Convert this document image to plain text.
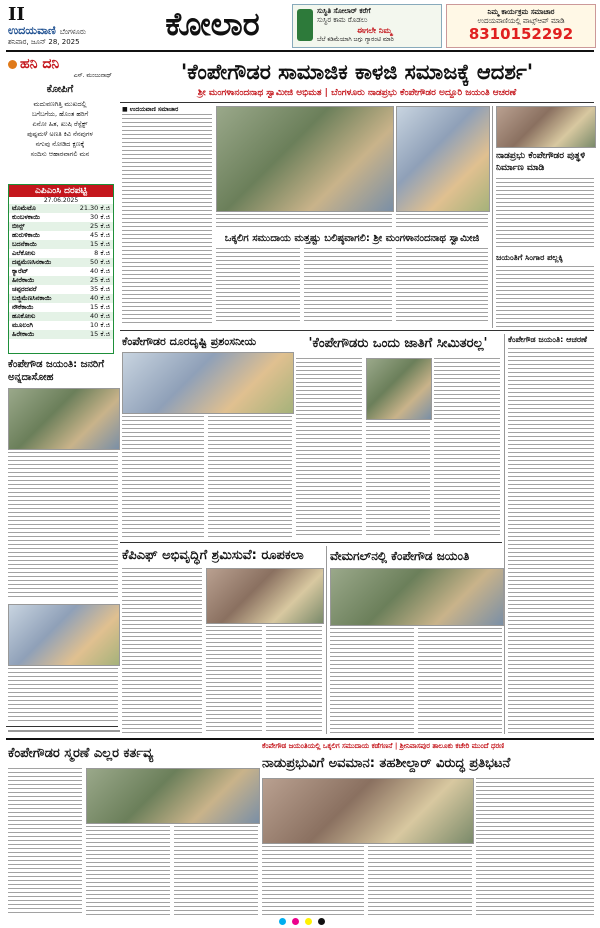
II
ಉದಯವಾಣಿ ಬೆಂಗಳೂರು
ಶನಿವಾರ, ಜೂನ್ 28, 2025	ಕೋಲಾರ	ಸುಸ್ಥಿತಿ ಸೋಲಾರ್‌ ಕರೆಗೆ
ಸುಸ್ಥಿರ ಕಾಮ ರೊಡಲು
ಈಗಲೇ ನಿಮ್ಮ
ಬೆಲೆ ಕಡಿಮೆಯಾಗಿ ಜಗ್ಗು ಗ್ಯಾರಂಟಿ ಮಾರಿ
ನಿಮ್ಮ ಕಾರ್ಯಕ್ರಮ ಸಮಾಚಾರ
ಉದಯವಾಣಿಯಲ್ಲಿ ವಾಟ್ಸ್‌ಆಪ್ ಮಾಡಿ
8310152292
ಹನಿ ದನಿ
ಎಸ್. ಮಂಜುನಾಥ್
ಕೋಪಿಗೆ
ಮದುವಣಗಿತ್ತಿ ಮುಖದಲ್ಲಿ
ಬಗೆಬಗೆಯ, ಹೊಂತ ಹರಿಗೆ
ಏನೋ ಹಿತ, ಖುಷಿ ರೆಸ್ಪೆಕ್ಟ್
ಪುಷ್ಪಮಳೆ ಅಣತಿ ಕಿವಿ ನೆನಪುಗಳ
ನಗುವು ನೋಡಿದ ಕ್ಷಣಕ್ಕೆ
ಸಂದಿಸು ಆಹಾರವಾಗಲಿ ಮನ
ಎಪಿಎಂಸಿ ದರಪಟ್ಟಿ
27.06.2025
ಟೊಮೆಟೊ	21.30 ಕೆ.ಜಿ
ಕುಂಬಳಕಾಯಿ	30 ಕೆ.ಜಿ
ಬೀನ್ಸ್	25 ಕೆ.ಜಿ
ಹುರುಳಿಕಾಯಿ	45 ಕೆ.ಜಿ
ಬದನೆಕಾಯಿ	15 ಕೆ.ಜಿ
ಎಲೆಕೋಸು	8 ಕೆ.ಜಿ
ದಪ್ಪಮೆಣಸಿನಕಾಯಿ	50 ಕೆ.ಜಿ
ಕ್ಯಾರೆಟ್	40 ಕೆ.ಜಿ
ಹೀರೆಕಾಯಿ	25 ಕೆ.ಜಿ
ಚಪ್ಪರದವರೆ	35 ಕೆ.ಜಿ
ಬಜ್ಜಿಮೆಣಸಿನಕಾಯಿ	40 ಕೆ.ಜಿ
ನೌಕೆಕಾಯಿ	15 ಕೆ.ಜಿ
ಹೂಕೋಸು	40 ಕೆ.ಜಿ
ಮೂಲಂಗಿ	10 ಕೆ.ಜಿ
ಹಿರೇಕಾಯಿ	15 ಕೆ.ಜಿ
ಕೆಂಪೇಗೌಡ ಜಯಂತಿ: ಜನರಿಗೆ ಅನ್ನದಾಸೋಹ
'ಕೆಂಪೇಗೌಡರ ಸಾಮಾಜಿಕ ಕಾಳಜಿ ಸಮಾಜಕ್ಕೆ ಆದರ್ಶ'
ಶ್ರೀ ಮಂಗಳಾನಂದನಾಥ ಸ್ವಾಮೀಜಿ ಅಭಿಮತ | ಬೆಂಗಳೂರು ನಾಡಪ್ರಭು ಕೆಂಪೇಗೌಡರ ಅದ್ದೂರಿ ಜಯಂತಿ ಆಚರಣೆ
■ ಉದಯವಾಣಿ ಸಮಾಚಾರ
ಒಕ್ಕಲಿಗ ಸಮುದಾಯ ಮತ್ತಷ್ಟು ಬಲಿಷ್ಠವಾಗಲಿ: ಶ್ರೀ ಮಂಗಳಾನಂದನಾಥ ಸ್ವಾಮೀಜಿ
ನಾಡಪ್ರಭು ಕೆಂಪೇಗೌಡರ ಪುತ್ಥಳಿ ನಿರ್ಮಾಣ ಮಾಡಿ
ಜಯಂತಿಗೆ ಸಿಂಗಾರ ಪಲ್ಲಕ್ಕಿ
ಕೆಂಪೇಗೌಡರ ದೂರದೃಷ್ಟಿ ಪ್ರಶಂಸನೀಯ	'ಕೆಂಪೇಗೌಡರು ಒಂದು ಜಾತಿಗೆ ಸೀಮಿತರಲ್ಲ'	ಕೆಂಪೇಗೌಡ ಜಯಂತಿ: ಆಚರಣೆ
ಕೆಪಿಎಫ್ ಅಭಿವೃದ್ಧಿಗೆ ಶ್ರಮಿಸುವೆ: ರೂಪಕಲಾ	ವೇಮಗಲ್‌ನಲ್ಲಿ ಕೆಂಪೇಗೌಡ ಜಯಂತಿ
ಕೆಂಪೇಗೌಡರ ಸ್ಮರಣೆ ಎಲ್ಲರ ಕರ್ತವ್ಯ	ಕೆಂಪೇಗೌಡ ಜಯಂತಿಯಲ್ಲಿ ಒಕ್ಕಲಿಗ ಸಮುದಾಯ ಕಡೆಗಣನೆ | ಶ್ರೀನಿವಾಸಪುರ ತಾಲೂಕು ಕಚೇರಿ ಮುಂದೆ ಧರಣಿ
ನಾಡುಪ್ರಭುವಿಗೆ ಅವಮಾನ: ತಹಶೀಲ್ದಾರ್ ವಿರುದ್ಧ ಪ್ರತಿಭಟನೆ
